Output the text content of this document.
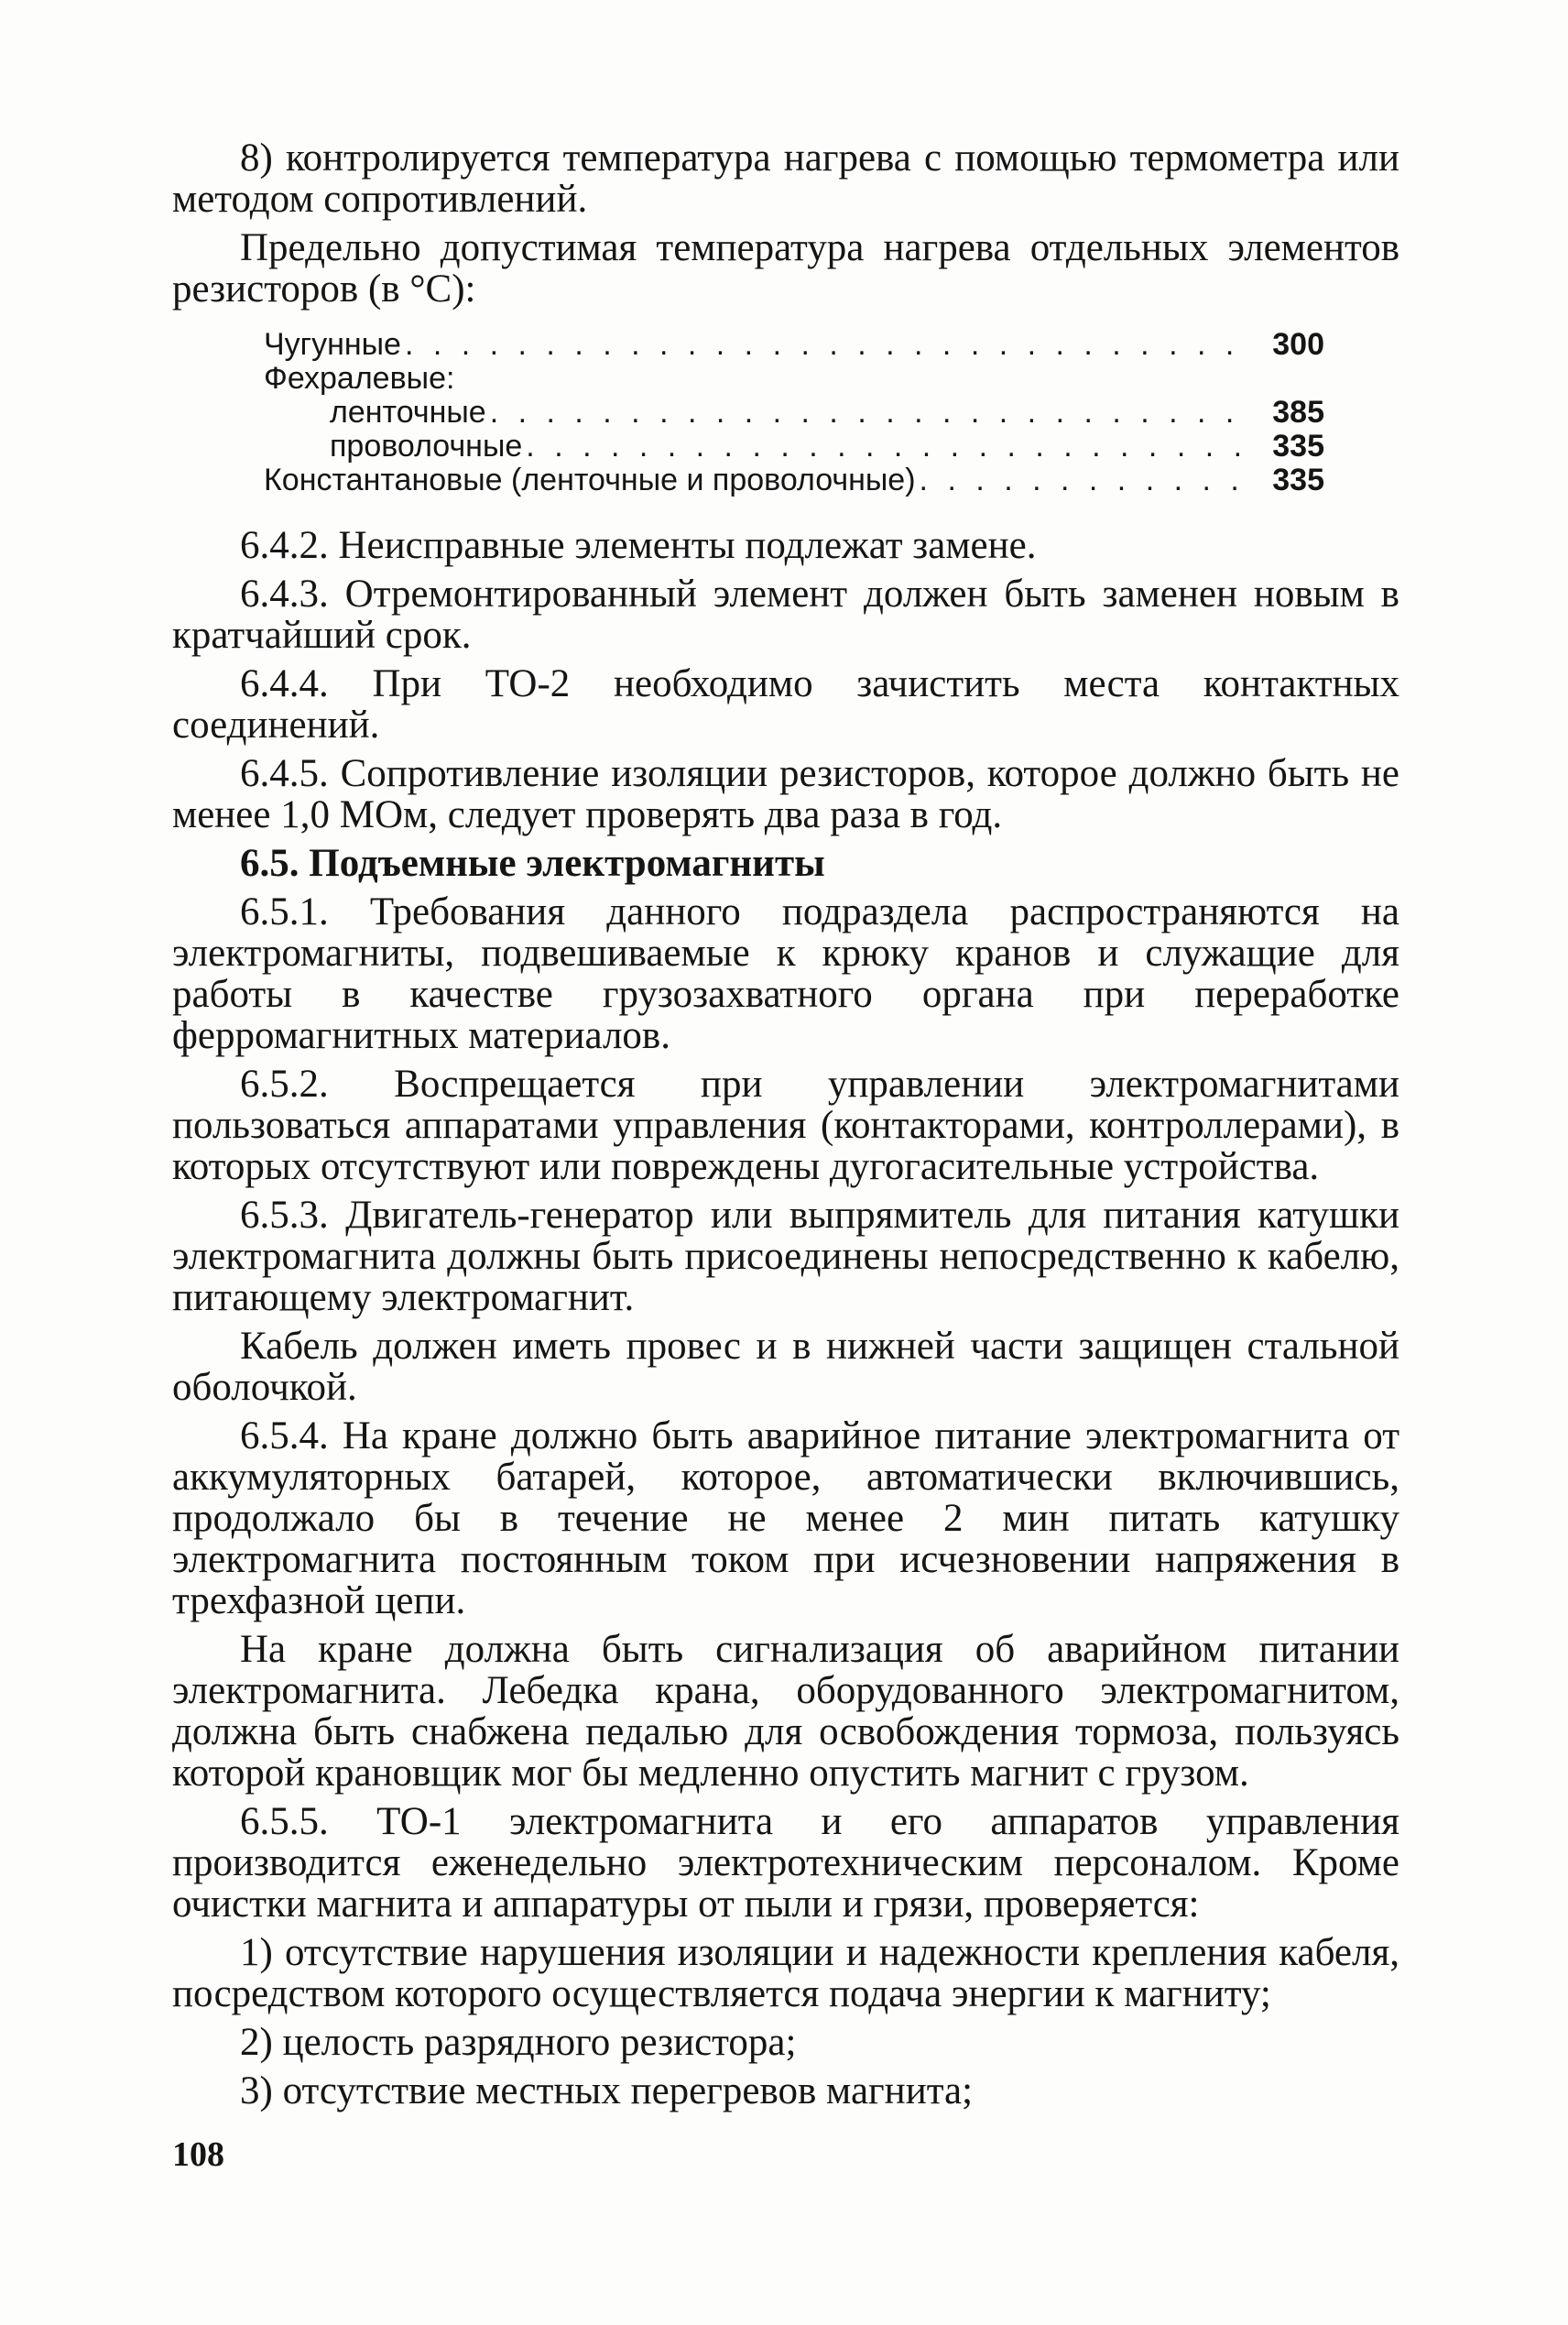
8) контролируется температура нагрева с помощью термометра или методом сопротивлений.

Предельно допустимая температура нагрева отдельных элементов резисторов (в °С):

Чугунные . . .	300
Фехралевые:
ленточные . . .	385
проволочные . . .	335
Константановые (ленточные и проволочные) . . .	335

6.4.2. Неисправные элементы подлежат замене.

6.4.3. Отремонтированный элемент должен быть заменен новым в кратчайший срок.

6.4.4. При ТО-2 необходимо зачистить места контактных соединений.

6.4.5. Сопротивление изоляции резисторов, которое должно быть не менее 1,0 МОм, следует проверять два раза в год.

6.5. Подъемные электромагниты

6.5.1. Требования данного подраздела распространяются на электромагниты, подвешиваемые к крюку кранов и служащие для работы в качестве грузозахватного органа при переработке ферромагнитных материалов.

6.5.2. Воспрещается при управлении электромагнитами пользоваться аппаратами управления (контакторами, контроллерами), в которых отсутствуют или повреждены дугогасительные устройства.

6.5.3. Двигатель-генератор или выпрямитель для питания катушки электромагнита должны быть присоединены непосредственно к кабелю, питающему электромагнит.

Кабель должен иметь провес и в нижней части защищен стальной оболочкой.

6.5.4. На кране должно быть аварийное питание электромагнита от аккумуляторных батарей, которое, автоматически включившись, продолжало бы в течение не менее 2 мин питать катушку электромагнита постоянным током при исчезновении напряжения в трехфазной цепи.

На кране должна быть сигнализация об аварийном питании электромагнита. Лебедка крана, оборудованного электромагнитом, должна быть снабжена педалью для освобождения тормоза, пользуясь которой крановщик мог бы медленно опустить магнит с грузом.

6.5.5. ТО-1 электромагнита и его аппаратов управления производится еженедельно электротехническим персоналом. Кроме очистки магнита и аппаратуры от пыли и грязи, проверяется:

1) отсутствие нарушения изоляции и надежности крепления кабеля, посредством которого осуществляется подача энергии к магниту;

2) целость разрядного резистора;

3) отсутствие местных перегревов магнита;

108
